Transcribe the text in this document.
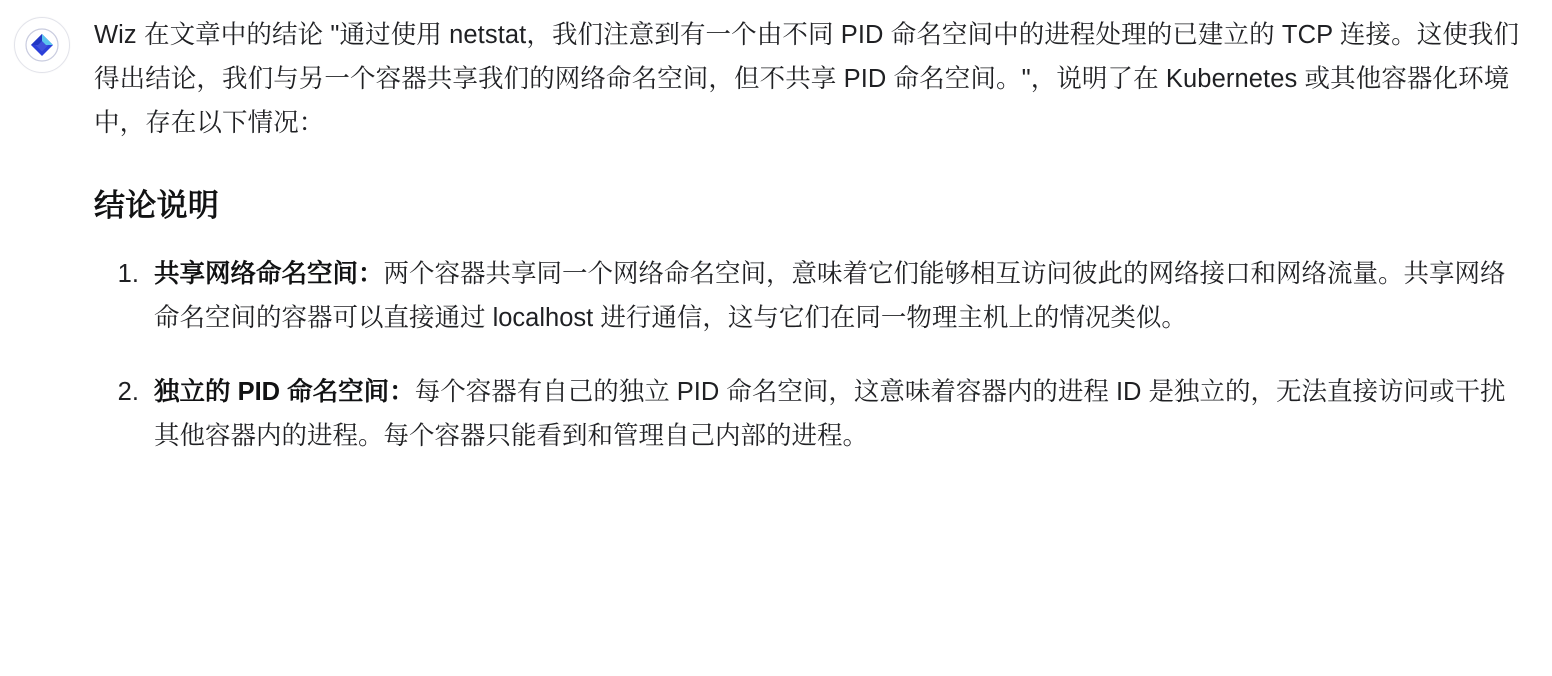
Wiz 在文章中的结论 "通过使用 netstat，我们注意到有一个由不同 PID 命名空间中的进程处理的已建立的 TCP 连接。这使我们得出结论，我们与另一个容器共享我们的网络命名空间，但不共享 PID 命名空间。"，说明了在 Kubernetes 或其他容器化环境中，存在以下情况：

结论说明
1. 共享网络命名空间：两个容器共享同一个网络命名空间，意味着它们能够相互访问彼此的网络接口和网络流量。共享网络命名空间的容器可以直接通过 localhost 进行通信，这与它们在同一物理主机上的情况类似。
2. 独立的 PID 命名空间：每个容器有自己的独立 PID 命名空间，这意味着容器内的进程 ID 是独立的，无法直接访问或干扰其他容器内的进程。每个容器只能看到和管理自己内部的进程。
